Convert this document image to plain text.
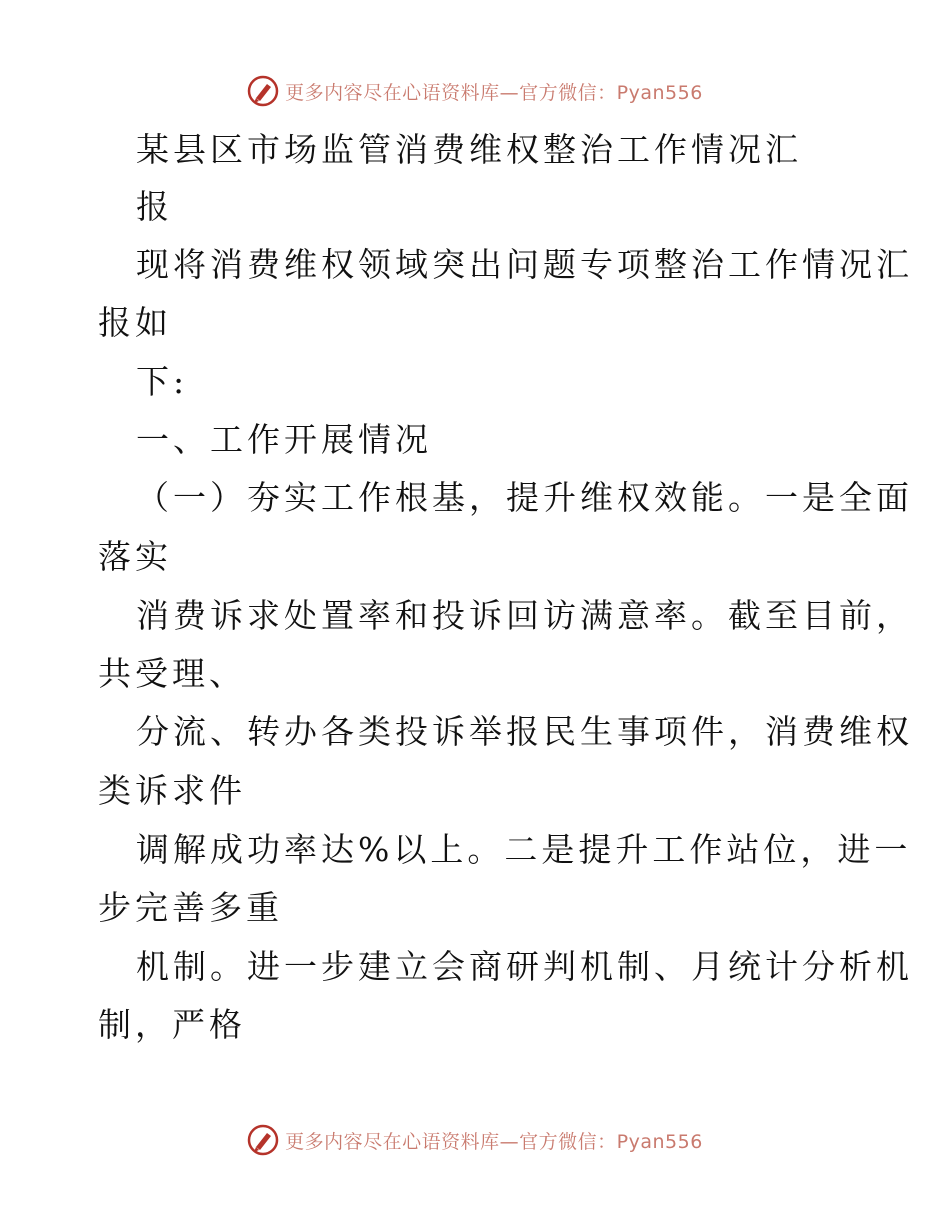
更多内容尽在心语资料库—官方微信：Pyan556
某县区市场监管消费维权整治工作情况汇
报
现将消费维权领域突出问题专项整治工作情况汇
报如
下:
一、工作开展情况
（一）夯实工作根基，提升维权效能。一是全面
落实
消费诉求处置率和投诉回访满意率。截至目前，
共受理、
分流、转办各类投诉举报民生事项件，消费维权
类诉求件
调解成功率达%以上。二是提升工作站位，进一
步完善多重
机制。进一步建立会商研判机制、月统计分析机
制，严格
更多内容尽在心语资料库—官方微信：Pyan556
